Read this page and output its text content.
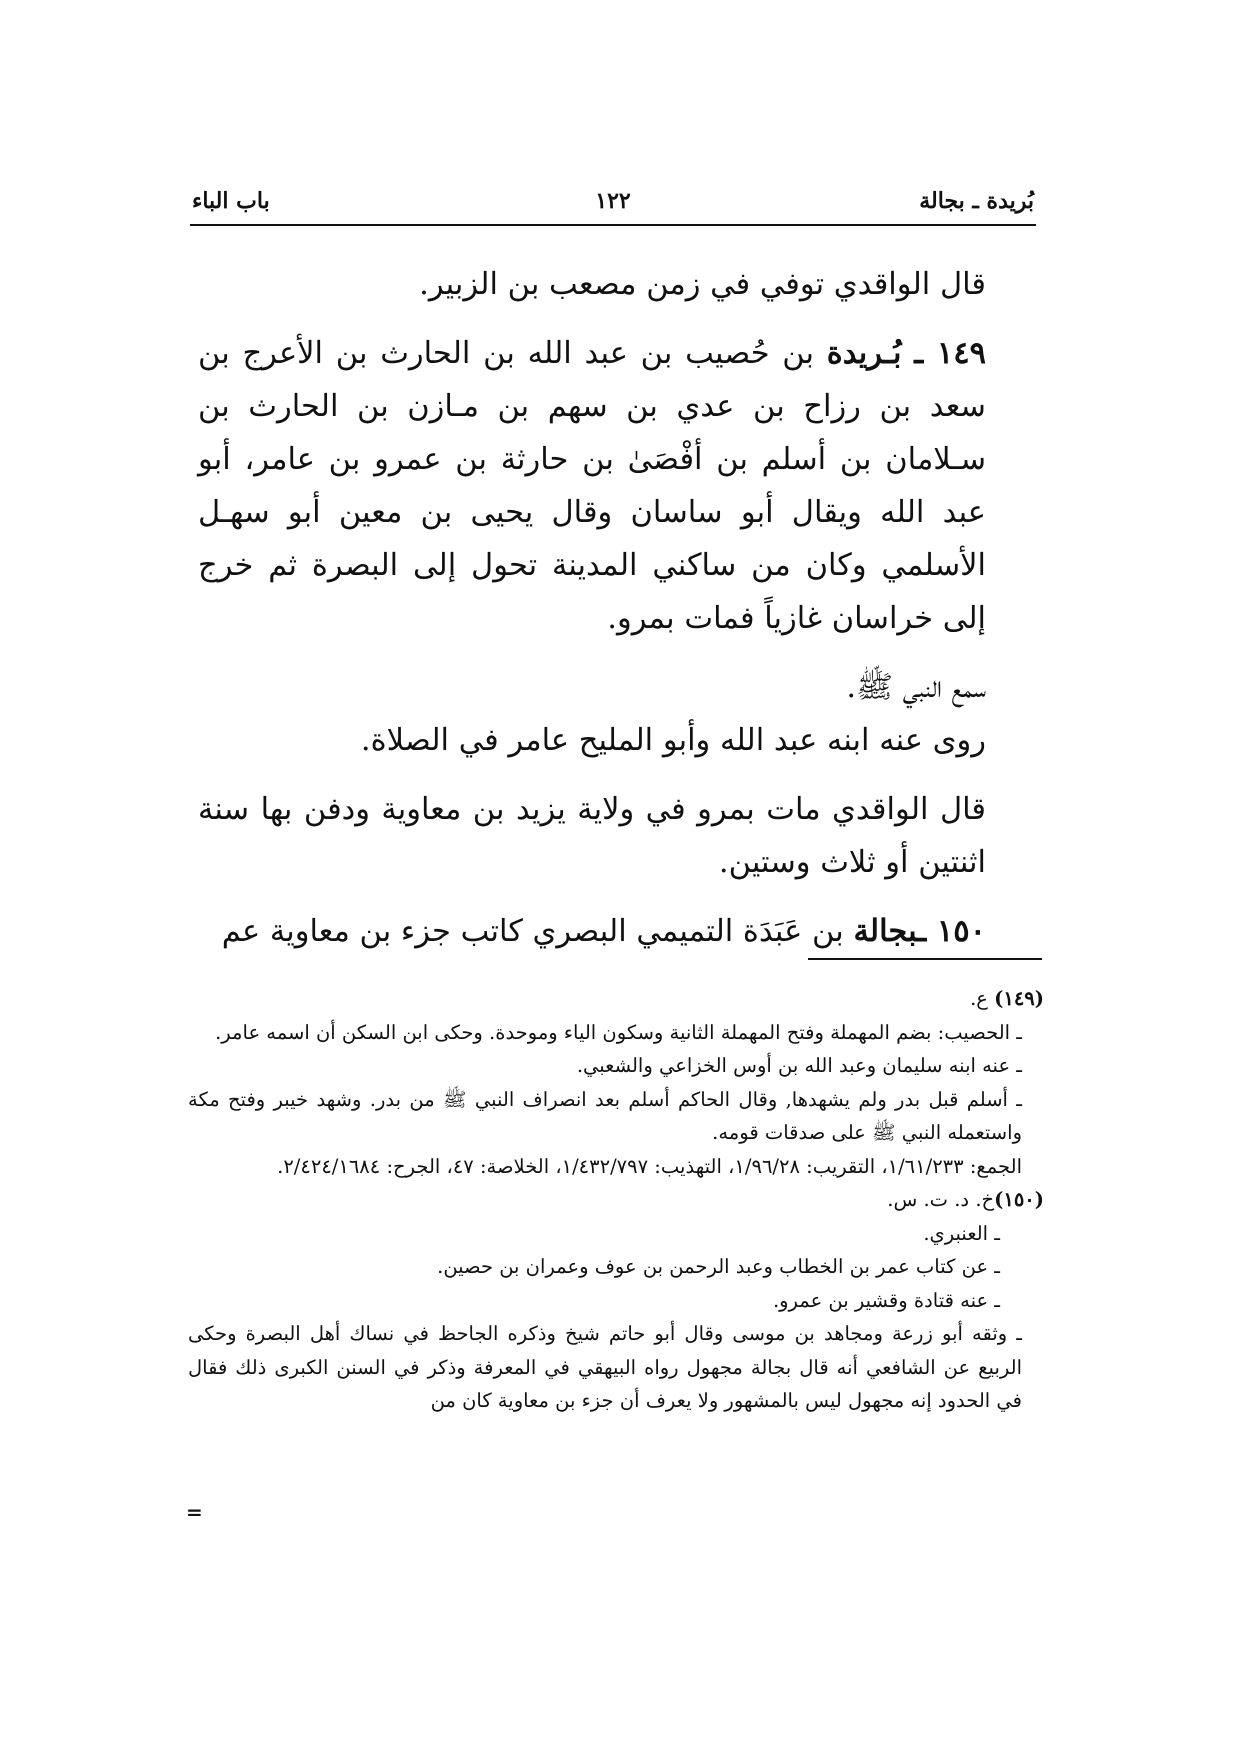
بُريدة ـ بجالة
١٢٢
باب الباء

قال الواقدي توفي في زمن مصعب بن الزبير.

١٤٩ ـ بُـريدة بن حُصيب بن عبد الله بن الحارث بن الأعرج بن سعد بن رزاح بن عدي بن سهم بن مـازن بن الحارث بن سـلامان بن أسلم بن أفْصَىٰ بن حارثة بن عمرو بن عامر، أبو عبد الله ويقال أبو ساسان وقال يحيى بن معين أبو سهـل الأسلمي وكان من ساكني المدينة تحول إلى البصرة ثم خرج إلى خراسان غازياً فمات بمرو.

سمع النبي ﷺ.

روى عنه ابنه عبد الله وأبو المليح عامر في الصلاة.

قال الواقدي مات بمرو في ولاية يزيد بن معاوية ودفن بها سنة اثنتين أو ثلاث وستين.

١٥٠ ـبجالة بن عَبَدَة التميمي البصري كاتب جزء بن معاوية عم

(١٤٩) ع.

ـ الحصيب: بضم المهملة وفتح المهملة الثانية وسكون الياء وموحدة. وحكى ابن السكن أن اسمه عامر.

ـ عنه ابنه سليمان وعبد الله بن أوس الخزاعي والشعبي.

ـ أسلم قبل بدر ولم يشهدها, وقال الحاكم أسلم بعد انصراف النبي ﷺ من بدر. وشهد خيبر وفتح مكة واستعمله النبي ﷺ على صدقات قومه.

الجمع: ١/٦١/٢٣٣، التقريب: ١/٩٦/٢٨، التهذيب: ١/٤٣٢/٧٩٧، الخلاصة: ٤٧، الجرح: ٢/٤٢٤/١٦٨٤.

(١٥٠)خ. د. ت. س.

ـ العنبري.

ـ عن كتاب عمر بن الخطاب وعبد الرحمن بن عوف وعمران بن حصين.

ـ عنه قتادة وقشير بن عمرو.

ـ وثقه أبو زرعة ومجاهد بن موسى وقال أبو حاتم شيخ وذكره الجاحظ في نساك أهل البصرة وحكى الربيع عن الشافعي أنه قال بجالة مجهول رواه البيهقي في المعرفة وذكر في السنن الكبرى ذلك فقال في الحدود إنه مجهول ليس بالمشهور ولا يعرف أن جزء بن معاوية كان من

=
